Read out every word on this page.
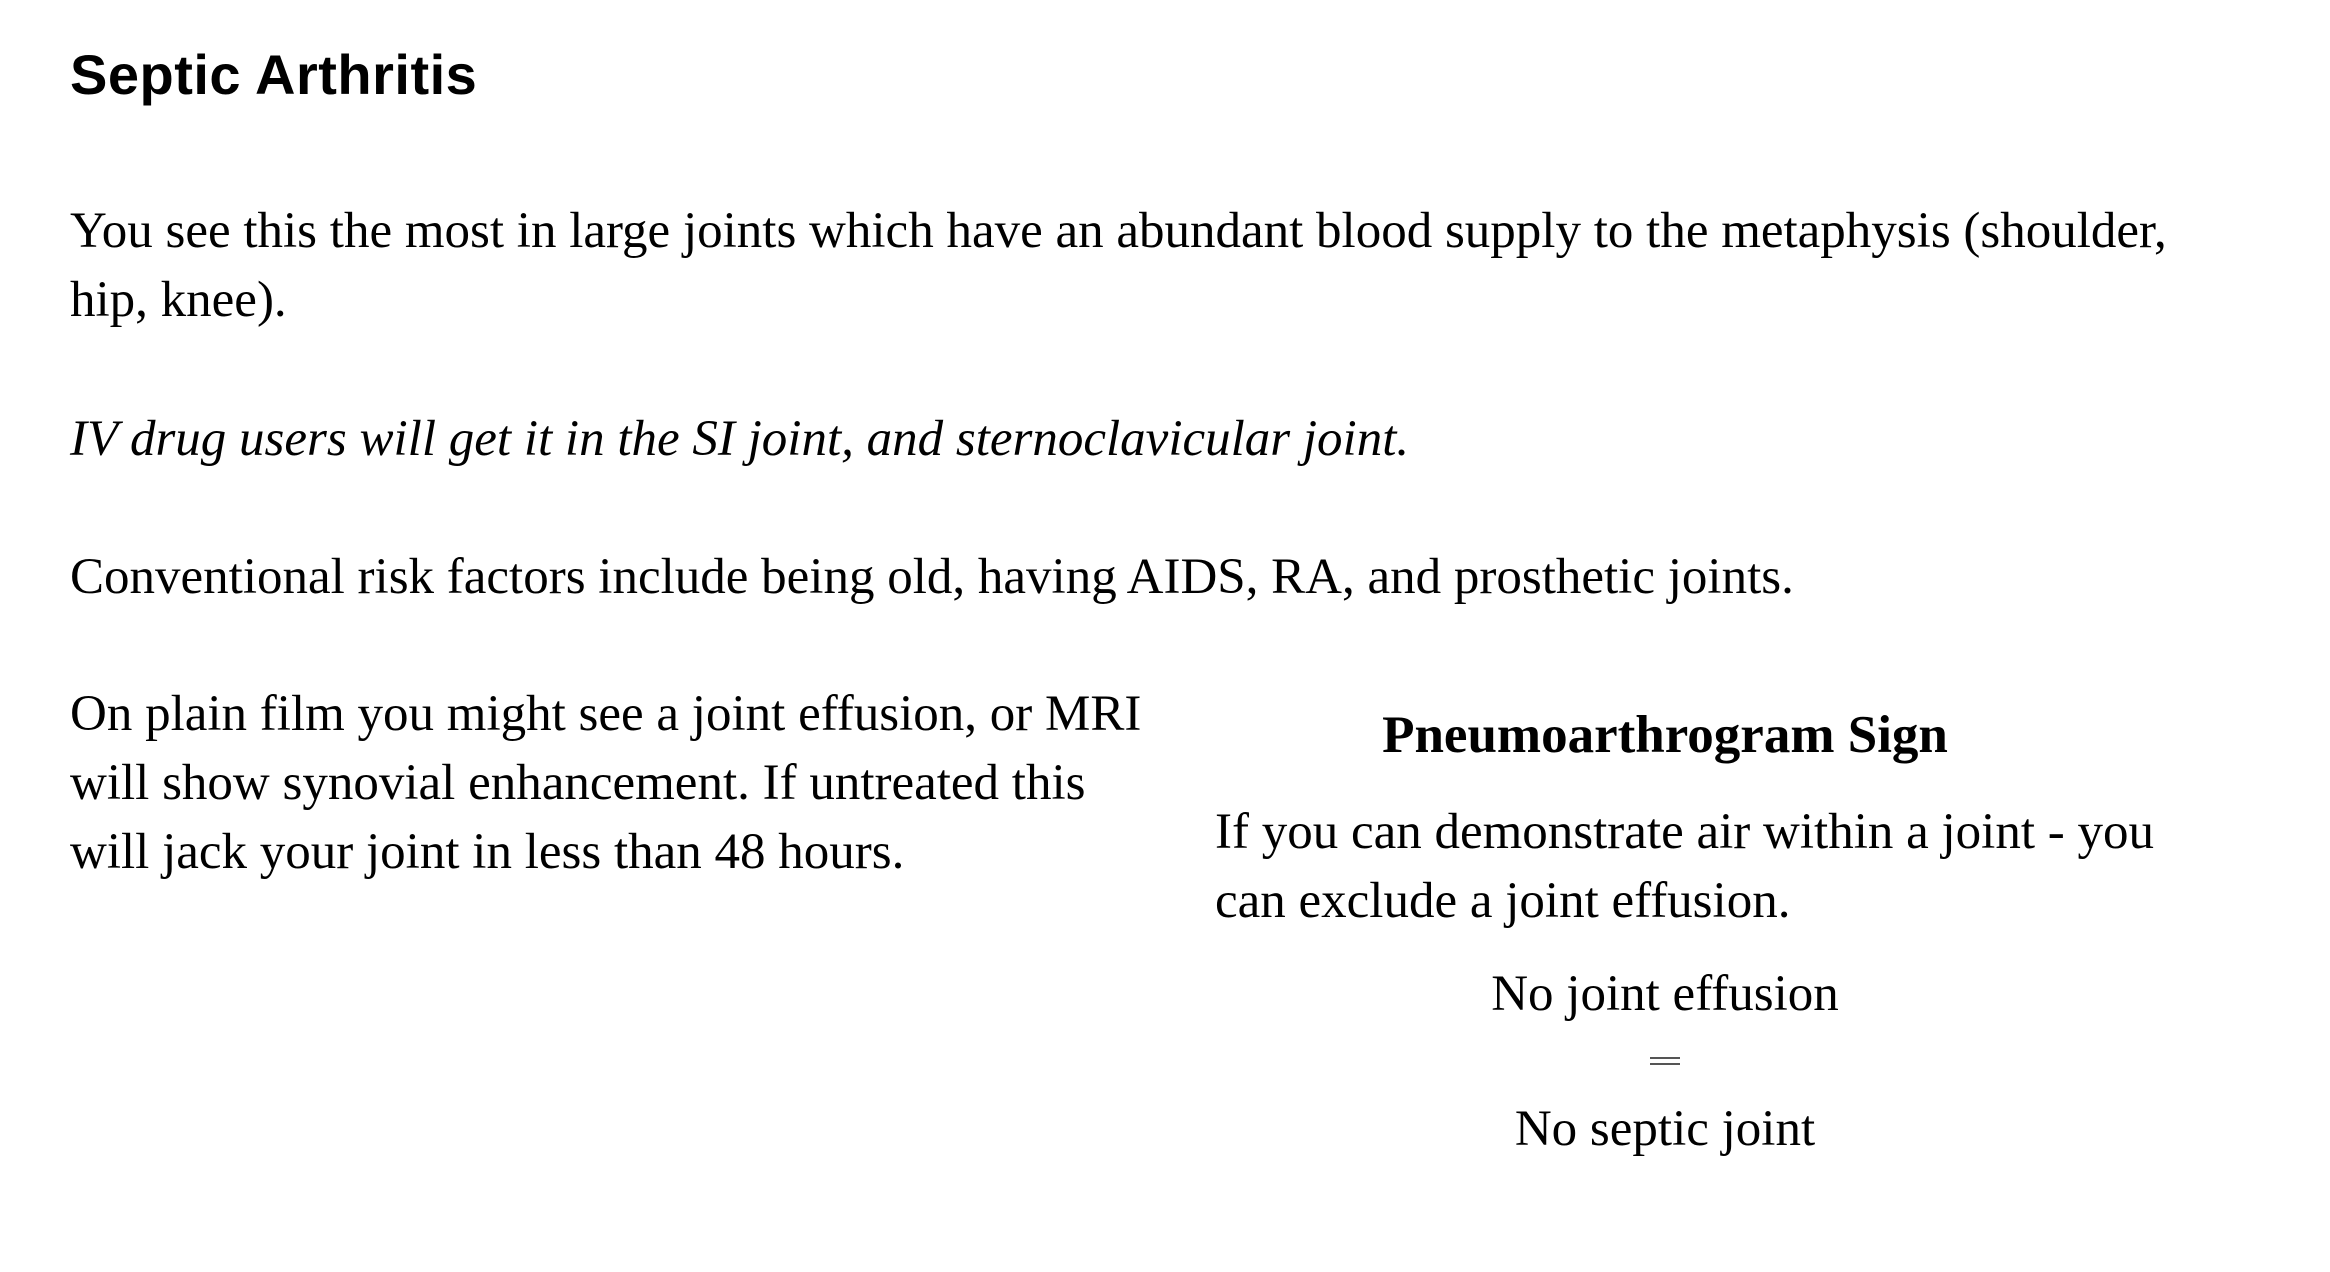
Septic Arthritis

You see this the most in large joints which have an abundant blood supply to the metaphysis (shoulder, hip, knee).

IV drug users will get it in the SI joint, and sternoclavicular joint.

Conventional risk factors include being old, having AIDS, RA, and prosthetic joints.

On plain film you might see a joint effusion, or MRI will show synovial enhancement. If untreated this will jack your joint in less than 48 hours.

Pneumoarthrogram Sign

If you can demonstrate air within a joint - you can exclude a joint effusion.

No joint effusion

No septic joint
